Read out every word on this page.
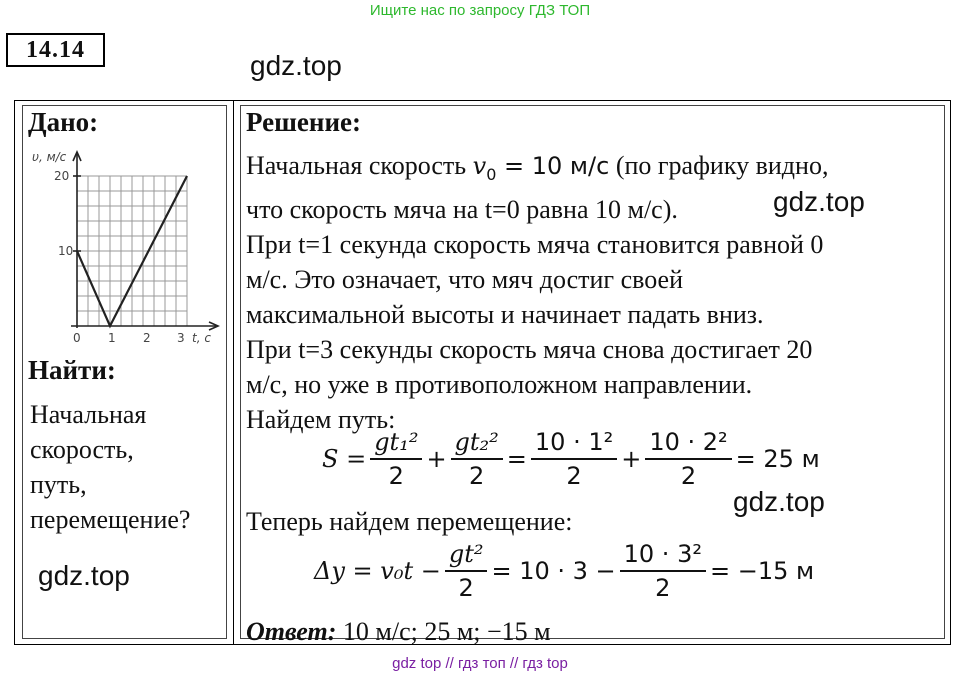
Ищите нас по запросу ГДЗ ТОП
14.14	gdz.top
Дано:
υ, м/с
20
10
0 1 2 3 t, с
Найти:
Начальная
скорость,
путь,
перемещение?
gdz.top
Решение:
Начальная скорость $v_0 = 10$ м/с (по графику видно,
что скорость мяча на t=0 равна 10 м/с).
При t=1 секунда скорость мяча становится равной 0
м/с. Это означает, что мяч достиг своей
максимальной высоты и начинает падать вниз.
При t=3 секунды скорость мяча снова достигает 20
м/с, но уже в противоположном направлении.
Найдем путь:
gdz.top
$S = \frac{\text{gt₁²}}{2} + \frac{\text{gt₂²}}{2} = \frac{\text{10 · 1²}}{2} + \frac{\text{10 · 2²}}{2} = 25$ м
gdz.top
Теперь найдем перемещение:
$\Delta y = v_0t - \frac{\text{gt²}}{2} = 10 \cdot 3 - \frac{\text{10 · 3²}}{2} = -15$ м
Ответ: 10 м/с; 25 м; −15 м
gdz top // гдз топ // гдз top
